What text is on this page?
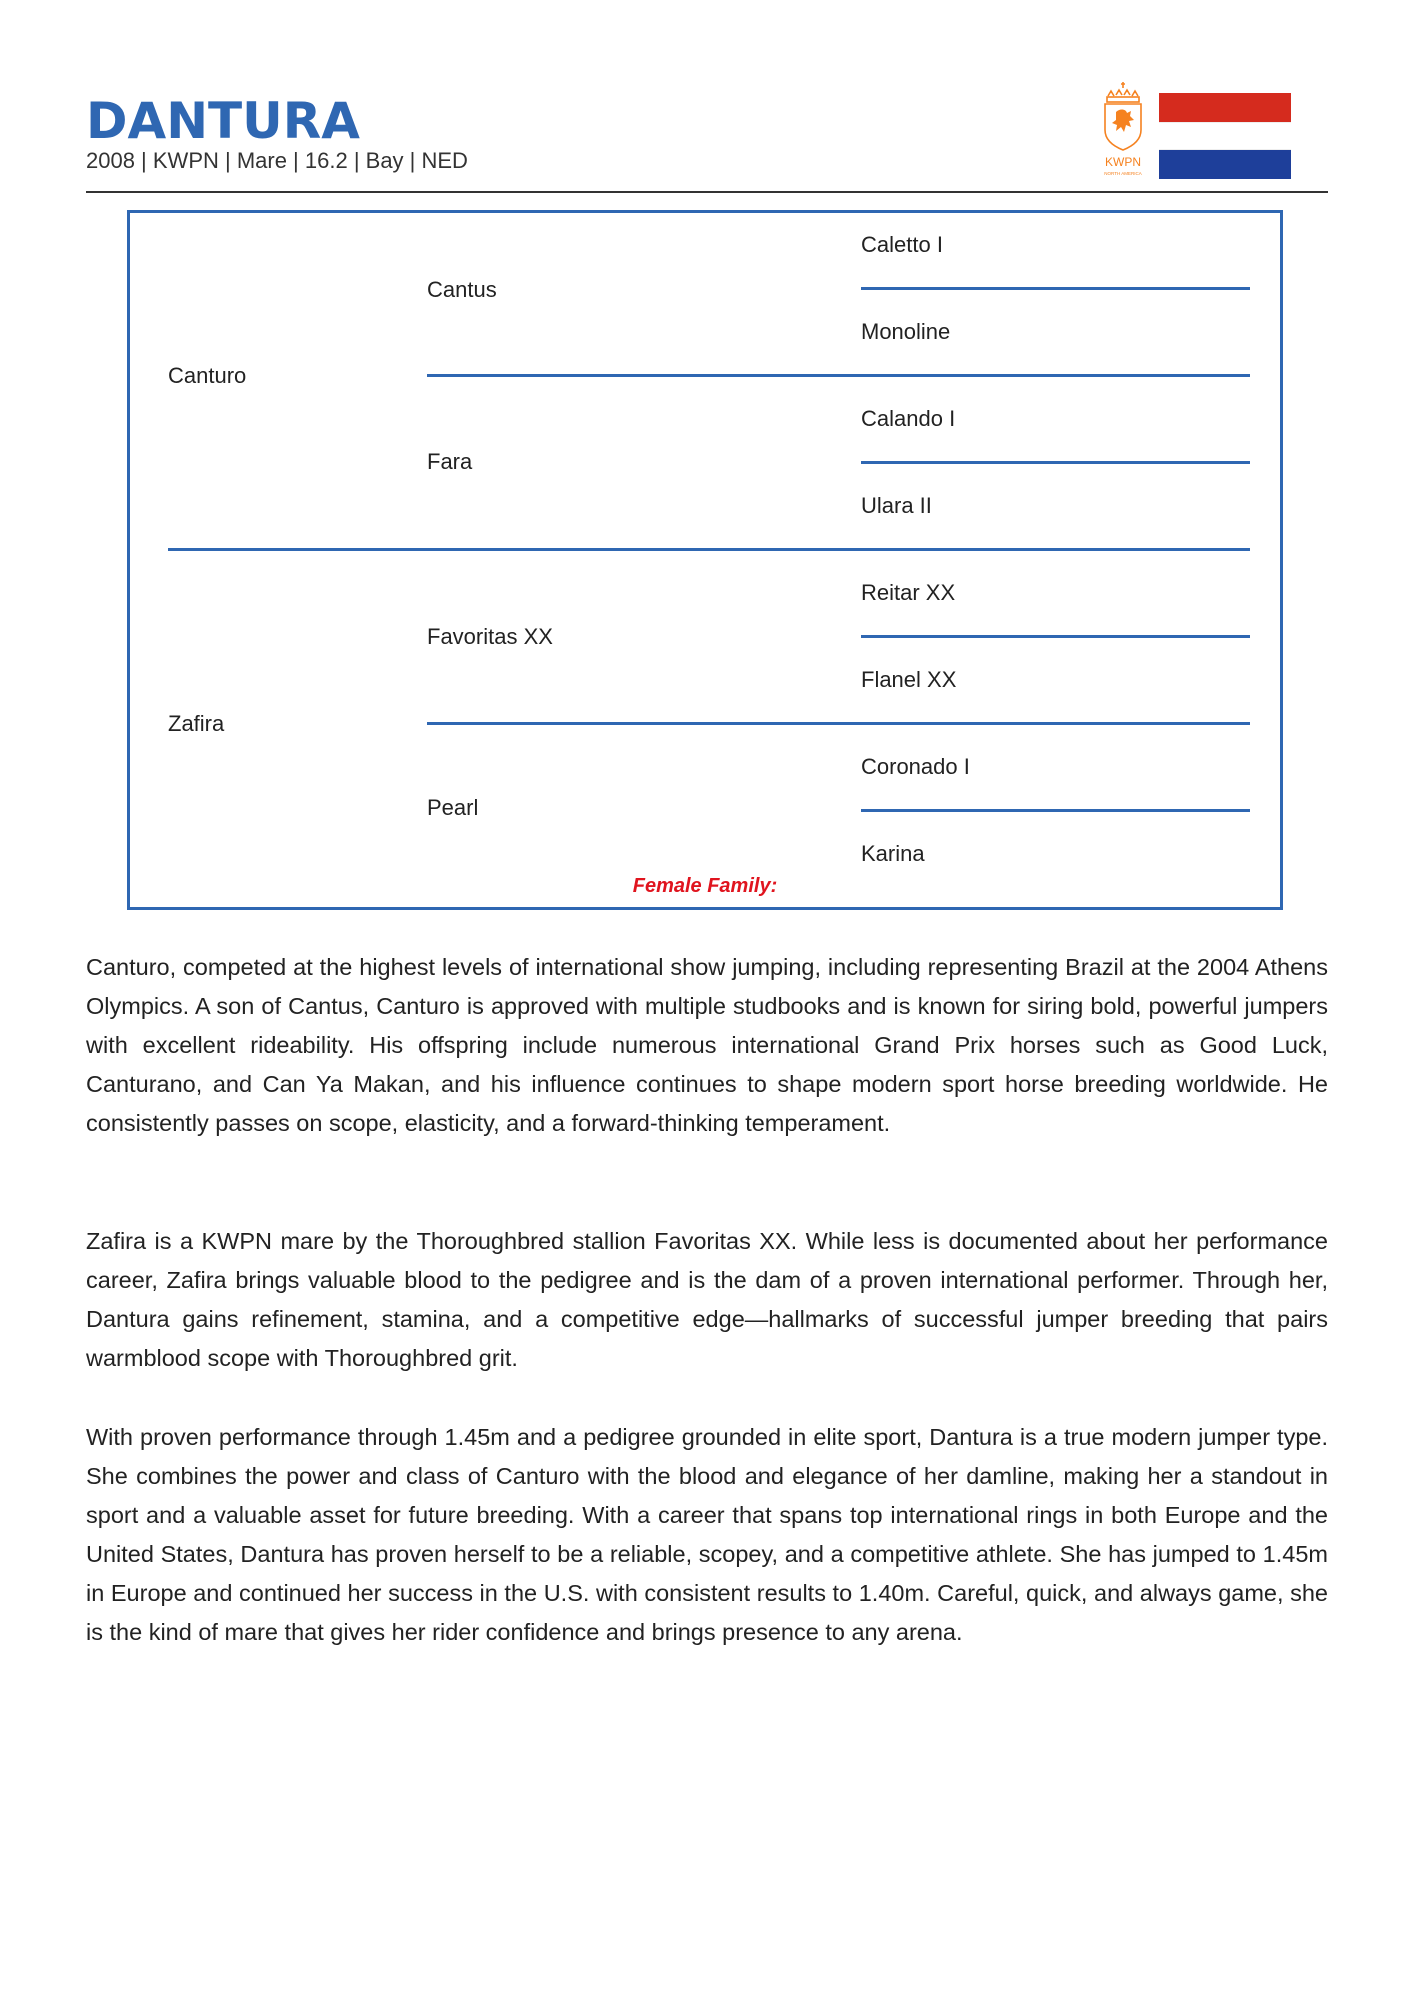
DANTURA
2008 | KWPN | Mare | 16.2 | Bay | NED	KWPN
NORTH AMERICA
Canturo
Zafira
Cantus
Fara
Favoritas XX
Pearl
Caletto I
Monoline
Calando I
Ulara II
Reitar XX
Flanel XX
Coronado I
Karina
Female Family:

Canturo, competed at the highest levels of international show jumping, including representing Brazil at the 2004 Athens Olympics. A son of Cantus, Canturo is approved with multiple studbooks and is known for siring bold, powerful jumpers with excellent rideability. His offspring include numerous international Grand Prix horses such as Good Luck, Canturano, and Can Ya Makan, and his influence continues to shape modern sport horse breeding worldwide. He consistently passes on scope, elasticity, and a forward-thinking temperament.

Zafira is a KWPN mare by the Thoroughbred stallion Favoritas XX. While less is documented about her performance career, Zafira brings valuable blood to the pedigree and is the dam of a proven international performer. Through her, Dantura gains refinement, stamina, and a competitive edge—hallmarks of successful jumper breeding that pairs warmblood scope with Thoroughbred grit.

With proven performance through 1.45m and a pedigree grounded in elite sport, Dantura is a true modern jumper type. She combines the power and class of Canturo with the blood and elegance of her damline, making her a standout in sport and a valuable asset for future breeding. With a career that spans top international rings in both Europe and the United States, Dantura has proven herself to be a reliable, scopey, and a competitive athlete. She has jumped to 1.45m in Europe and continued her success in the U.S. with consistent results to 1.40m. Careful, quick, and always game, she is the kind of mare that gives her rider confidence and brings presence to any arena.
